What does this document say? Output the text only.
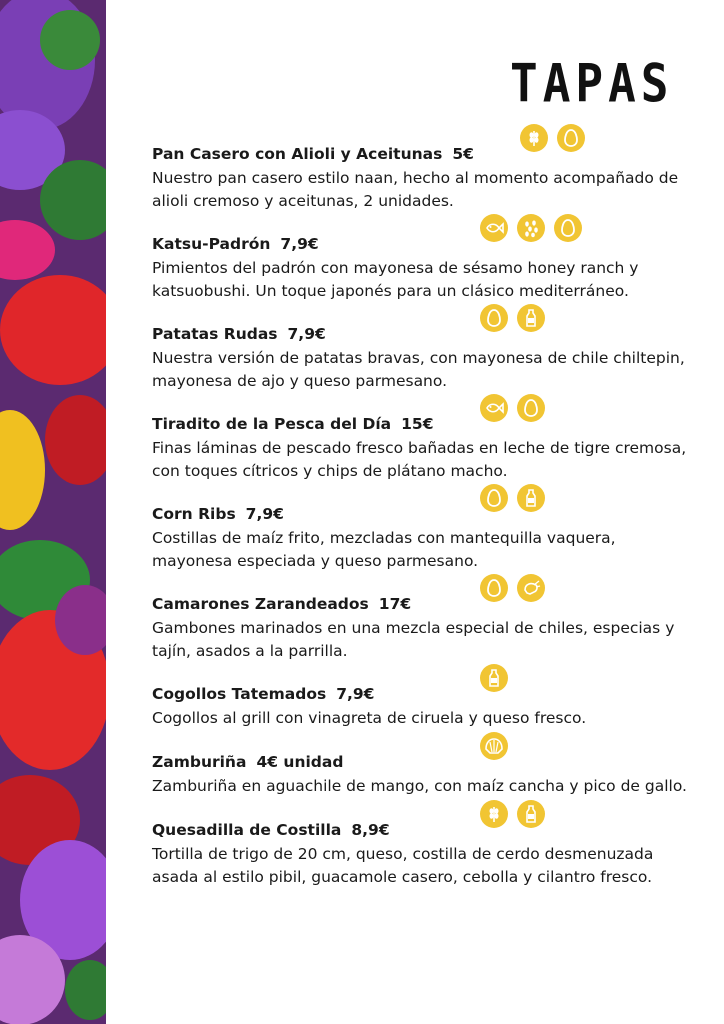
TAPAS
Pan Casero con Alioli y Aceitunas 5€
Nuestro pan casero estilo naan, hecho al momento acompañado de alioli cremoso y aceitunas, 2 unidades.
Katsu-Padrón 7,9€
Pimientos del padrón con mayonesa de sésamo honey ranch y katsuobushi. Un toque japonés para un clásico mediterráneo.
Patatas Rudas 7,9€
Nuestra versión de patatas bravas, con mayonesa de chile chiltepin, mayonesa de ajo y queso parmesano.
Tiradito de la Pesca del Día 15€
Finas láminas de pescado fresco bañadas en leche de tigre cremosa, con toques cítricos y chips de plátano macho.
Corn Ribs 7,9€
Costillas de maíz frito, mezcladas con mantequilla vaquera, mayonesa especiada y queso parmesano.
Camarones Zarandeados 17€
Gambones marinados en una mezcla especial de chiles, especias y tajín, asados a la parrilla.
Cogollos Tatemados 7,9€
Cogollos al grill con vinagreta de ciruela y queso fresco.
Zamburiña 4€ unidad
Zamburiña en aguachile de mango, con maíz cancha y pico de gallo.
Quesadilla de Costilla 8,9€
Tortilla de trigo de 20 cm, queso, costilla de cerdo desmenuzada asada al estilo pibil, guacamole casero, cebolla y cilantro fresco.
